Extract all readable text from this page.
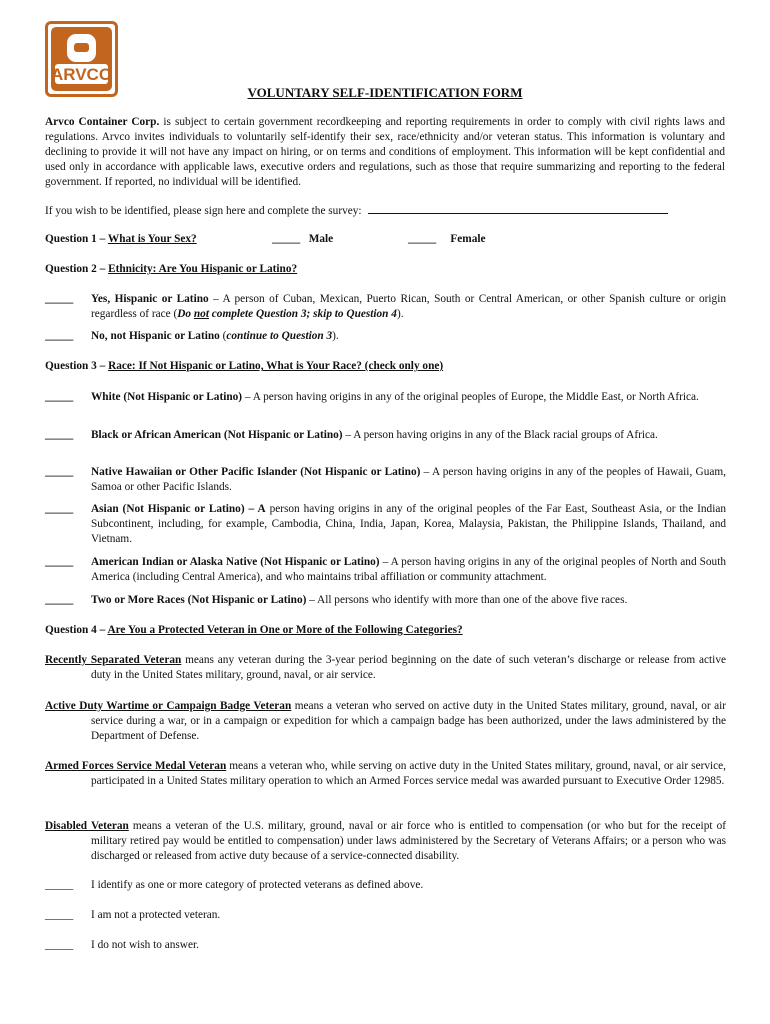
ARVCO
VOLUNTARY SELF-IDENTIFICATION FORM
Arvco Container Corp. is subject to certain government recordkeeping and reporting requirements in order to comply with civil rights laws and regulations. Arvco invites individuals to voluntarily self-identify their sex, race/ethnicity and/or veteran status. This information is voluntary and declining to provide it will not have any impact on hiring, or on terms and conditions of employment. This information will be kept confidential and used only in accordance with applicable laws, executive orders and regulations, such as those that require summarizing and reporting to the federal government. If reported, no individual will be identified.
If you wish to be identified, please sign here and complete the survey:
Question 1 – What is Your Sex?	_____ Male	_____ Female
Question 2 – Ethnicity: Are You Hispanic or Latino?
_____ Yes, Hispanic or Latino – A person of Cuban, Mexican, Puerto Rican, South or Central American, or other Spanish culture or origin regardless of race (Do not complete Question 3; skip to Question 4).
_____ No, not Hispanic or Latino (continue to Question 3).
Question 3 – Race: If Not Hispanic or Latino, What is Your Race? (check only one)
_____ White (Not Hispanic or Latino) – A person having origins in any of the original peoples of Europe, the Middle East, or North Africa.
_____ Black or African American (Not Hispanic or Latino) – A person having origins in any of the Black racial groups of Africa.
_____ Native Hawaiian or Other Pacific Islander (Not Hispanic or Latino) – A person having origins in any of the peoples of Hawaii, Guam, Samoa or other Pacific Islands.
_____ Asian (Not Hispanic or Latino) – A person having origins in any of the original peoples of the Far East, Southeast Asia, or the Indian Subcontinent, including, for example, Cambodia, China, India, Japan, Korea, Malaysia, Pakistan, the Philippine Islands, Thailand, and Vietnam.
_____ American Indian or Alaska Native (Not Hispanic or Latino) – A person having origins in any of the original peoples of North and South America (including Central America), and who maintains tribal affiliation or community attachment.
_____ Two or More Races (Not Hispanic or Latino) – All persons who identify with more than one of the above five races.
Question 4 – Are You a Protected Veteran in One or More of the Following Categories?
Recently Separated Veteran means any veteran during the 3-year period beginning on the date of such veteran’s discharge or release from active duty in the United States military, ground, naval, or air service.
Active Duty Wartime or Campaign Badge Veteran means a veteran who served on active duty in the United States military, ground, naval, or air service during a war, or in a campaign or expedition for which a campaign badge has been authorized, under the laws administered by the Department of Defense.
Armed Forces Service Medal Veteran means a veteran who, while serving on active duty in the United States military, ground, naval, or air service, participated in a United States military operation to which an Armed Forces service medal was awarded pursuant to Executive Order 12985.
Disabled Veteran means a veteran of the U.S. military, ground, naval or air force who is entitled to compensation (or who but for the receipt of military retired pay would be entitled to compensation) under laws administered by the Secretary of Veterans Affairs; or a person who was discharged or released from active duty because of a service-connected disability.
_____ I identify as one or more category of protected veterans as defined above.
_____ I am not a protected veteran.
_____ I do not wish to answer.
